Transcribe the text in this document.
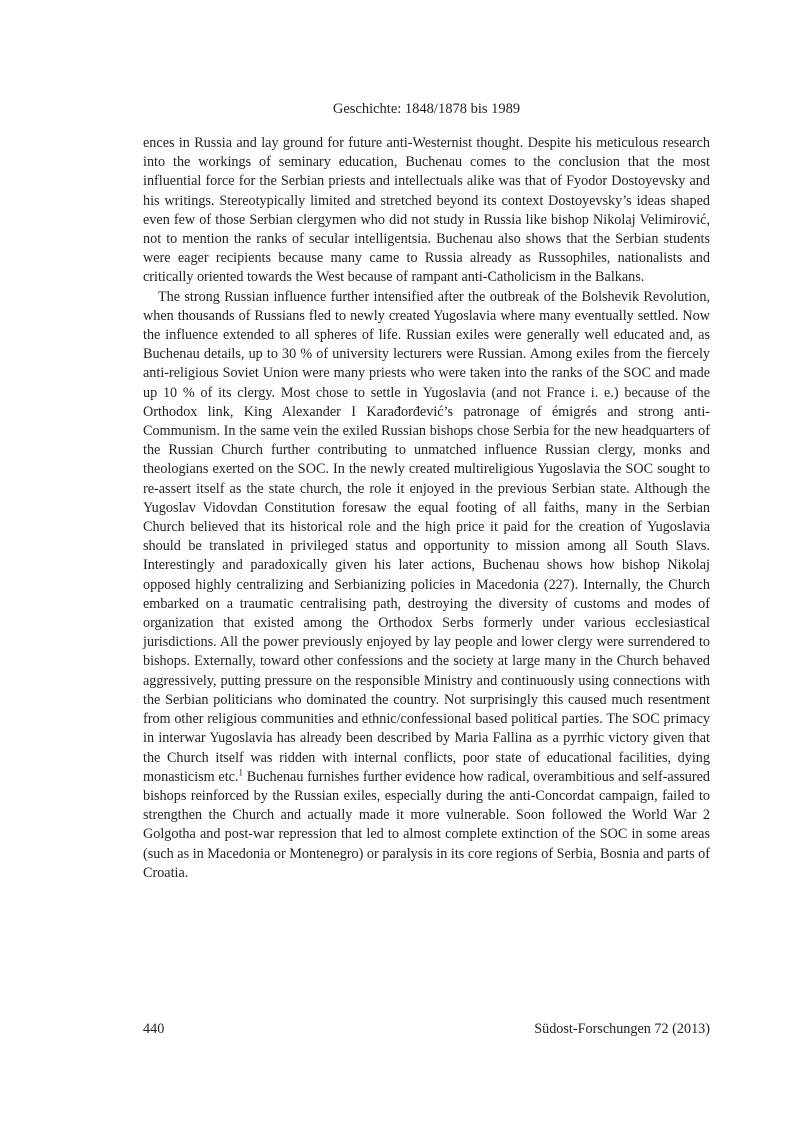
Geschichte: 1848/1878 bis 1989

ences in Russia and lay ground for future anti-Westernist thought. Despite his meticulous research into the workings of seminary education, Buchenau comes to the conclusion that the most influential force for the Serbian priests and intellectuals alike was that of Fyodor Dostoyevsky and his writings. Stereotypically limited and stretched beyond its context Dostoyevsky’s ideas shaped even few of those Serbian clergymen who did not study in Russia like bishop Nikolaj Velimirović, not to mention the ranks of secular intelligentsia. Buchenau also shows that the Serbian students were eager recipients because many came to Russia already as Russophiles, nationalists and critically oriented towards the West because of rampant anti-Catholicism in the Balkans.

The strong Russian influence further intensified after the outbreak of the Bolshevik Revolution, when thousands of Russians fled to newly created Yugoslavia where many eventually settled. Now the influence extended to all spheres of life. Russian exiles were generally well educated and, as Buchenau details, up to 30 % of university lecturers were Russian. Among exiles from the fiercely anti-religious Soviet Union were many priests who were taken into the ranks of the SOC and made up 10 % of its clergy. Most chose to settle in Yugoslavia (and not France i. e.) because of the Orthodox link, King Alexander I Karađorđević’s patronage of émigrés and strong anti-Communism. In the same vein the exiled Russian bishops chose Serbia for the new headquarters of the Russian Church further contributing to unmatched influence Russian clergy, monks and theologians exerted on the SOC. In the newly created multireligious Yugoslavia the SOC sought to re-assert itself as the state church, the role it enjoyed in the previous Serbian state. Although the Yugoslav Vidovdan Constitution foresaw the equal footing of all faiths, many in the Serbian Church believed that its historical role and the high price it paid for the creation of Yugoslavia should be translated in privileged status and opportunity to mission among all South Slavs. Interestingly and paradoxically given his later actions, Buchenau shows how bishop Nikolaj opposed highly centralizing and Serbianizing policies in Macedonia (227). Internally, the Church embarked on a traumatic centralising path, destroying the diversity of customs and modes of organization that existed among the Orthodox Serbs formerly under various ecclesiastical jurisdictions. All the power previously enjoyed by lay people and lower clergy were surrendered to bishops. Externally, toward other confessions and the society at large many in the Church behaved aggressively, putting pressure on the responsible Ministry and continuously using connections with the Serbian politicians who dominated the country. Not surprisingly this caused much resentment from other religious communities and ethnic/confessional based political parties. The SOC primacy in interwar Yugoslavia has already been described by Maria Fallina as a pyrrhic victory given that the Church itself was ridden with internal conflicts, poor state of educational facilities, dying monasticism etc.$^1$ Buchenau furnishes further evidence how radical, overambitious and self-assured bishops reinforced by the Russian exiles, especially during the anti-Concordat campaign, failed to strengthen the Church and actually made it more vulnerable. Soon followed the World War 2 Golgotha and post-war repression that led to almost complete extinction of the SOC in some areas (such as in Macedonia or Montenegro) or paralysis in its core regions of Serbia, Bosnia and parts of Croatia.

440	Südost-Forschungen 72 (2013)
